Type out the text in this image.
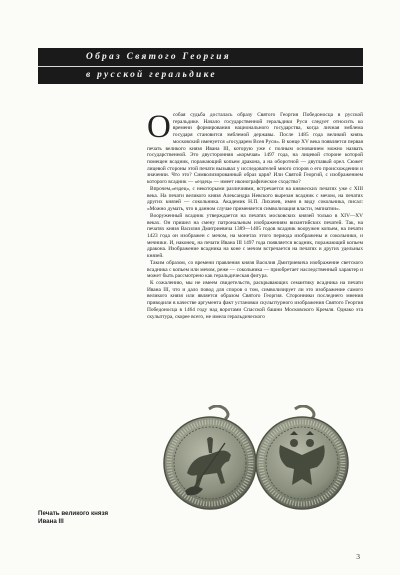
Образ Святого Георгия
в русской геральдике

Особая судьба досталась образу Святого Георгия Победоносца в русской геральдике. Начало государственной геральдики Руси следует относить ко времени формирования национального государства, когда личная эмблема государя становится эмблемой державы. После 1485 года великий князь московский именуется «государем Всея Руси». В конце XV века появляется первая печать великого князя Ивана III, которую уже с полным основанием можно назвать государственной. Это двусторонняя «кормчая» 1497 года, на лицевой стороне которой помещен всадник, поражающий копьем дракона, а на оборотной — двуглавый орел. Сюжет лицевой стороны этой печати вызывал у исследователей много споров о его происхождении и значении. Что это? Символизированный образ царя? Или Святой Георгий, с изображением которого всадник — «ездец» — имеет иконографическое сходство?

Впрочем,«ездец», с некоторыми различиями, встречается на княжеских печатях уже с XIII века. На печати великого князя Александра Невского вырезан всадник с мечом, на печатях других князей — сокольника. Академик Н.П. Лихачев, имея в виду сокольника, писал: «Можно думать, что в данном случае применяется символизация власти, эмпиатии».

Вооруженный всадник утверждается на печатях московских князей только в XIV—XV веках. Он пришел на смену патрональным изображениям византийских печатей. Так, на печатях князя Василия Дмитриевича 1389—1405 годов всадник вооружен копьем, на печати 1423 года он изображен с мечом, на монетах этого периода изображены и сокольники, и мечники. И, наконец, на печати Ивана III 1497 года появляется всадник, поражающий копьем дракона. Изображение всадника на коне с мечом встречается на печатях и других удельных князей.

Таким образом, со времени правления князя Василия Дмитриевича изображение светского всадника с копьем или мечом, реже — сокольника — приобретает наследственный характер и может быть рассмотрено как геральдическая фигура.

К сожалению, мы не имеем свидетельств, раскрывающих семантику всадника на печати Ивана III, что и дало повод для споров о том, символизирует ли это изображение самого великого князя или является образом Святого Георгия. Сторонники последнего мнения приводили в качестве аргумента факт установки скульптурного изображения Святого Георгия Победоносца в 1464 году над воротами Спасской башни Московского Кремля. Однако эта скульптура, скорее всего, не имела геральдического

Печать великого князя
Ивана III
3
